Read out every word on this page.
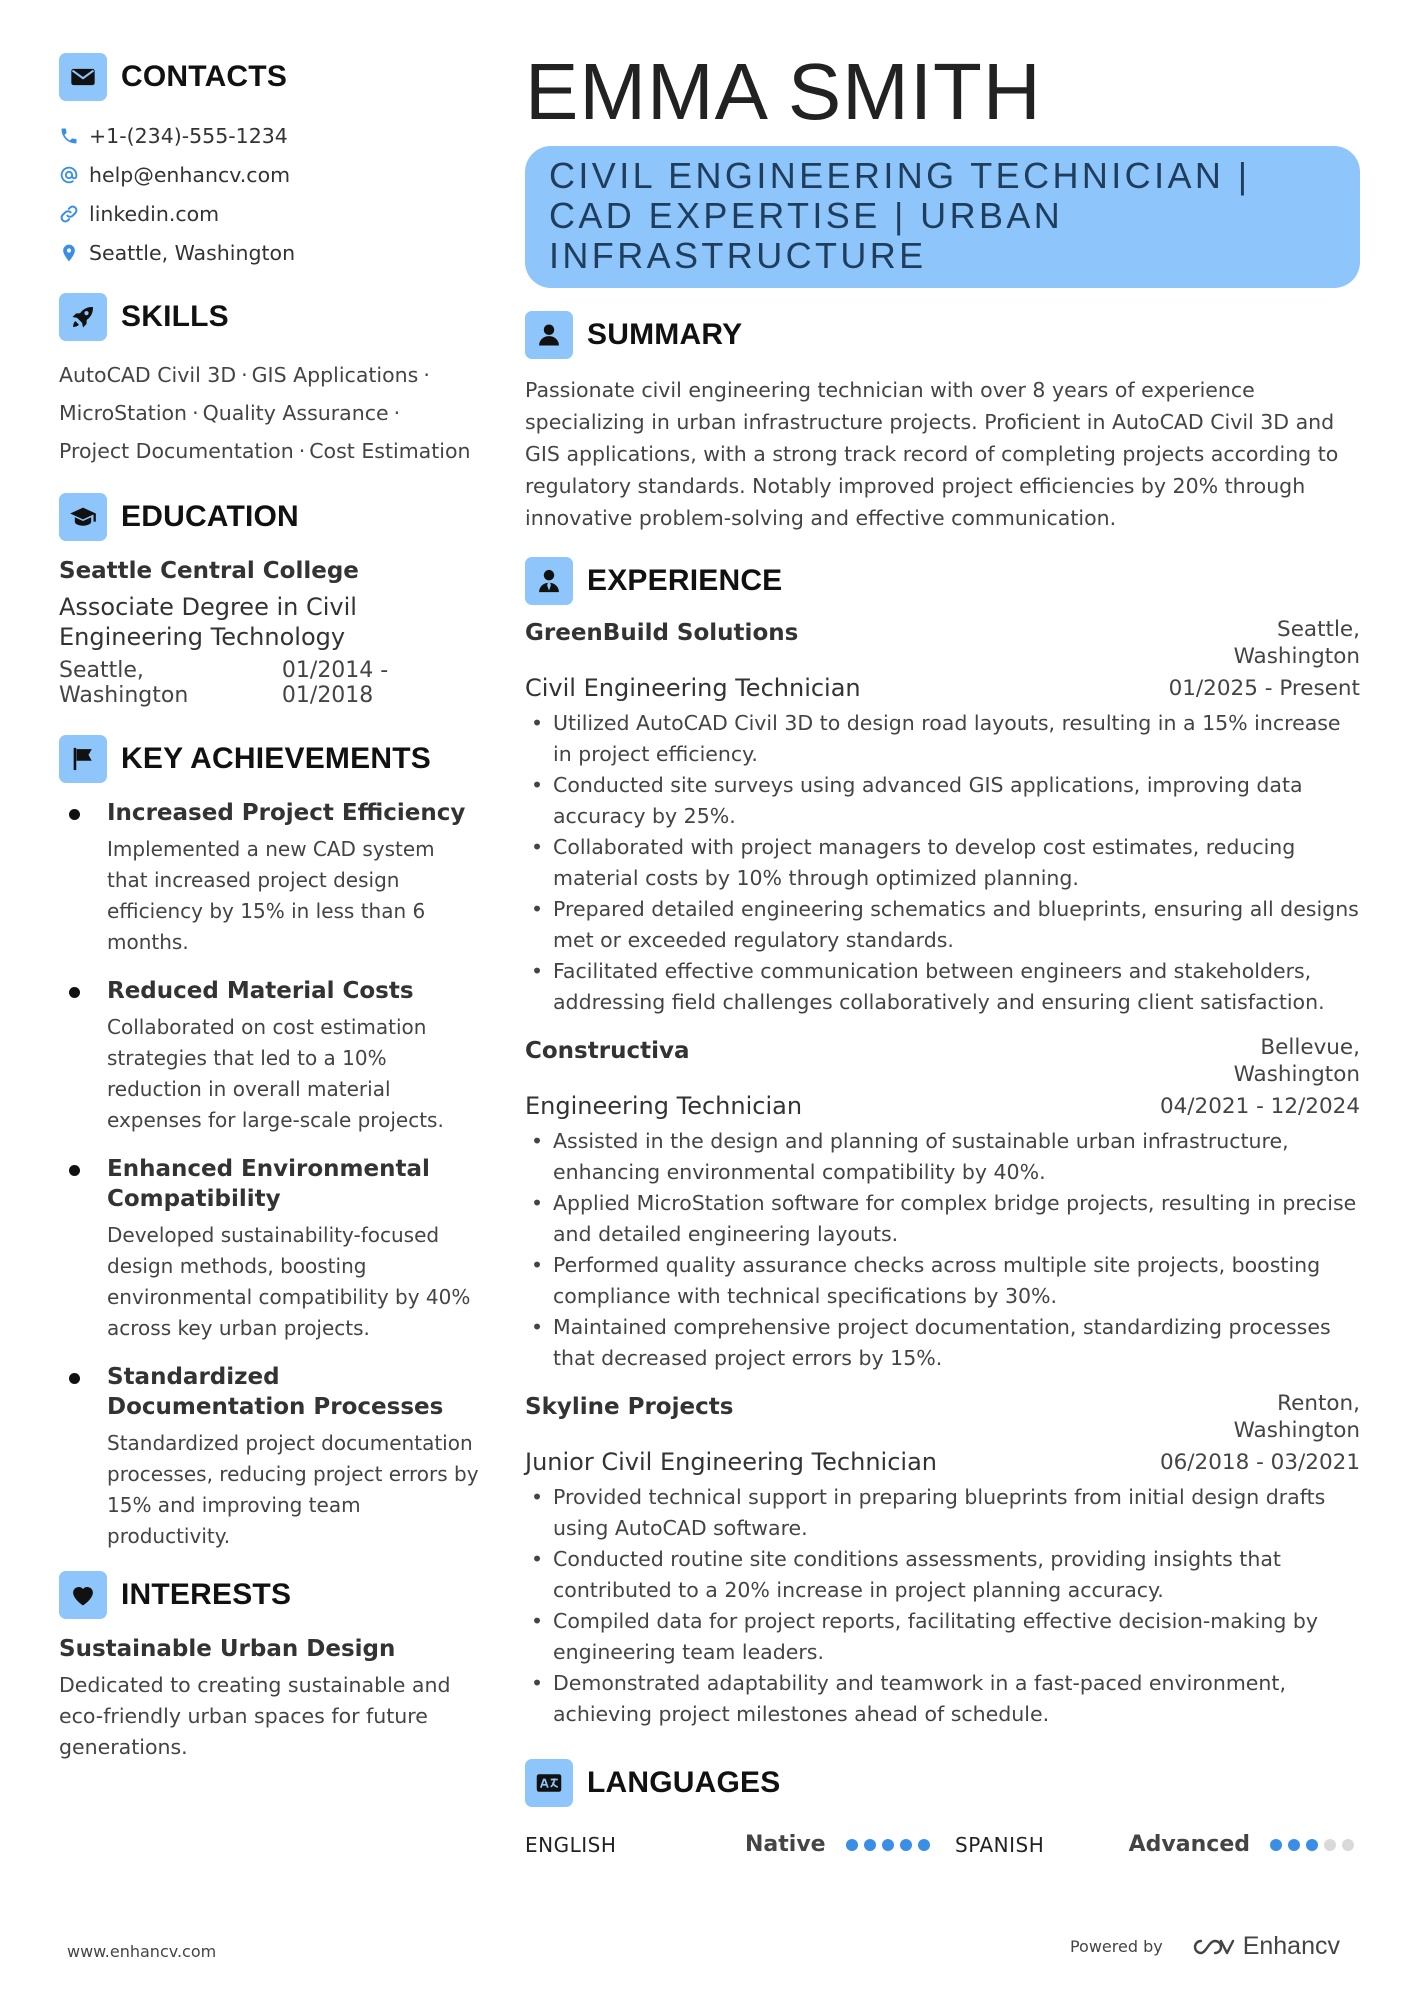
CONTACTS
+1-(234)-555-1234
help@enhancv.com
linkedin.com
Seattle, Washington
SKILLS
AutoCAD Civil 3D · GIS Applications ·
MicroStation · Quality Assurance ·
Project Documentation · Cost Estimation
EDUCATION
Seattle Central College
Associate Degree in Civil Engineering Technology
Seattle, Washington
01/2014 - 01/2018
KEY ACHIEVEMENTS
Increased Project Efficiency
Implemented a new CAD system that increased project design efficiency by 15% in less than 6 months.
Reduced Material Costs
Collaborated on cost estimation strategies that led to a 10% reduction in overall material expenses for large-scale projects.
Enhanced Environmental Compatibility
Developed sustainability-focused design methods, boosting environmental compatibility by 40% across key urban projects.
Standardized Documentation Processes
Standardized project documentation processes, reducing project errors by 15% and improving team productivity.
INTERESTS
Sustainable Urban Design
Dedicated to creating sustainable and eco-friendly urban spaces for future generations.
EMMA SMITH
CIVIL ENGINEERING TECHNICIAN | CAD EXPERTISE | URBAN INFRASTRUCTURE
SUMMARY
Passionate civil engineering technician with over 8 years of experience specializing in urban infrastructure projects. Proficient in AutoCAD Civil 3D and GIS applications, with a strong track record of completing projects according to regulatory standards. Notably improved project efficiencies by 20% through innovative problem-solving and effective communication.
EXPERIENCE
GreenBuild Solutions	Seattle,
Washington
Civil Engineering Technician	01/2025 - Present
• Utilized AutoCAD Civil 3D to design road layouts, resulting in a 15% increase in project efficiency.
• Conducted site surveys using advanced GIS applications, improving data accuracy by 25%.
• Collaborated with project managers to develop cost estimates, reducing material costs by 10% through optimized planning.
• Prepared detailed engineering schematics and blueprints, ensuring all designs met or exceeded regulatory standards.
• Facilitated effective communication between engineers and stakeholders, addressing field challenges collaboratively and ensuring client satisfaction.
Constructiva	Bellevue,
Washington
Engineering Technician	04/2021 - 12/2024
• Assisted in the design and planning of sustainable urban infrastructure, enhancing environmental compatibility by 40%.
• Applied MicroStation software for complex bridge projects, resulting in precise and detailed engineering layouts.
• Performed quality assurance checks across multiple site projects, boosting compliance with technical specifications by 30%.
• Maintained comprehensive project documentation, standardizing processes that decreased project errors by 15%.
Skyline Projects	Renton,
Washington
Junior Civil Engineering Technician	06/2018 - 03/2021
• Provided technical support in preparing blueprints from initial design drafts using AutoCAD software.
• Conducted routine site conditions assessments, providing insights that contributed to a 20% increase in project planning accuracy.
• Compiled data for project reports, facilitating effective decision-making by engineering team leaders.
• Demonstrated adaptability and teamwork in a fast-paced environment, achieving project milestones ahead of schedule.
LANGUAGES
ENGLISH	Native	SPANISH	Advanced
www.enhancv.com	Powered by	Enhancv
